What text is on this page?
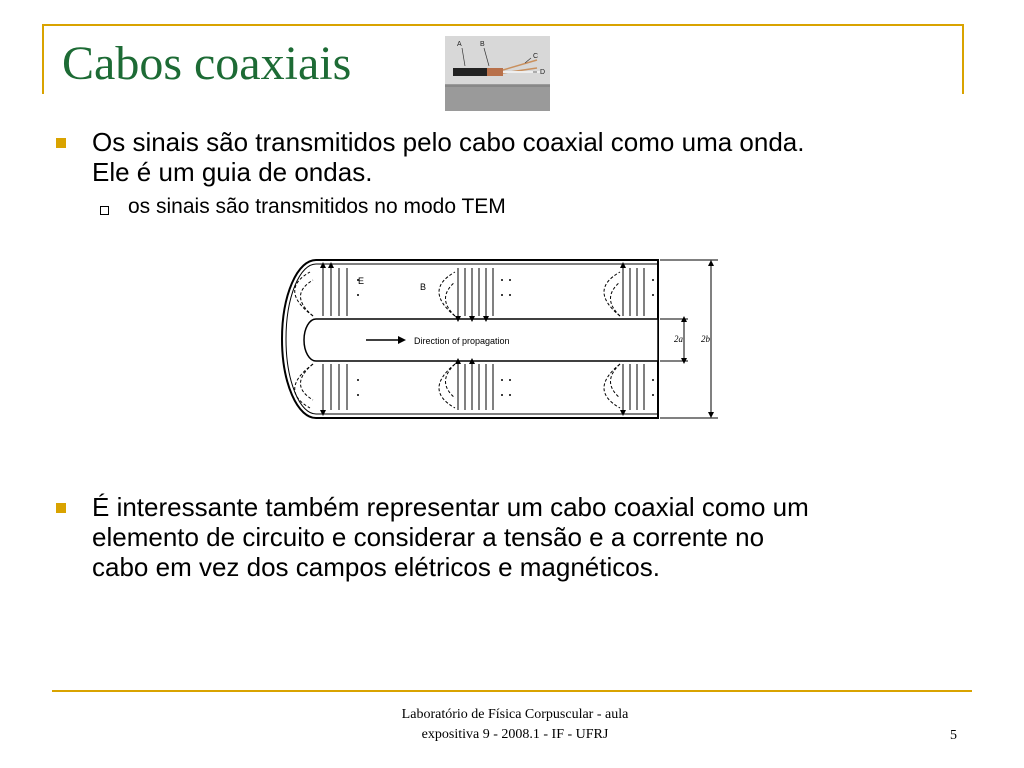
Cabos coaxiais	A	B
C
D
Os sinais são transmitidos pelo cabo coaxial como uma onda.
Ele é um guia de ondas.
os sinais são transmitidos no modo TEM
Direction of propagation
E
B
2a 2b
É interessante também representar um cabo coaxial como um
elemento de circuito e considerar a tensão e a corrente no
cabo em vez dos campos elétricos e magnéticos.
Laboratório de Física Corpuscular - aula
expositiva 9 - 2008.1 - IF - UFRJ	5
